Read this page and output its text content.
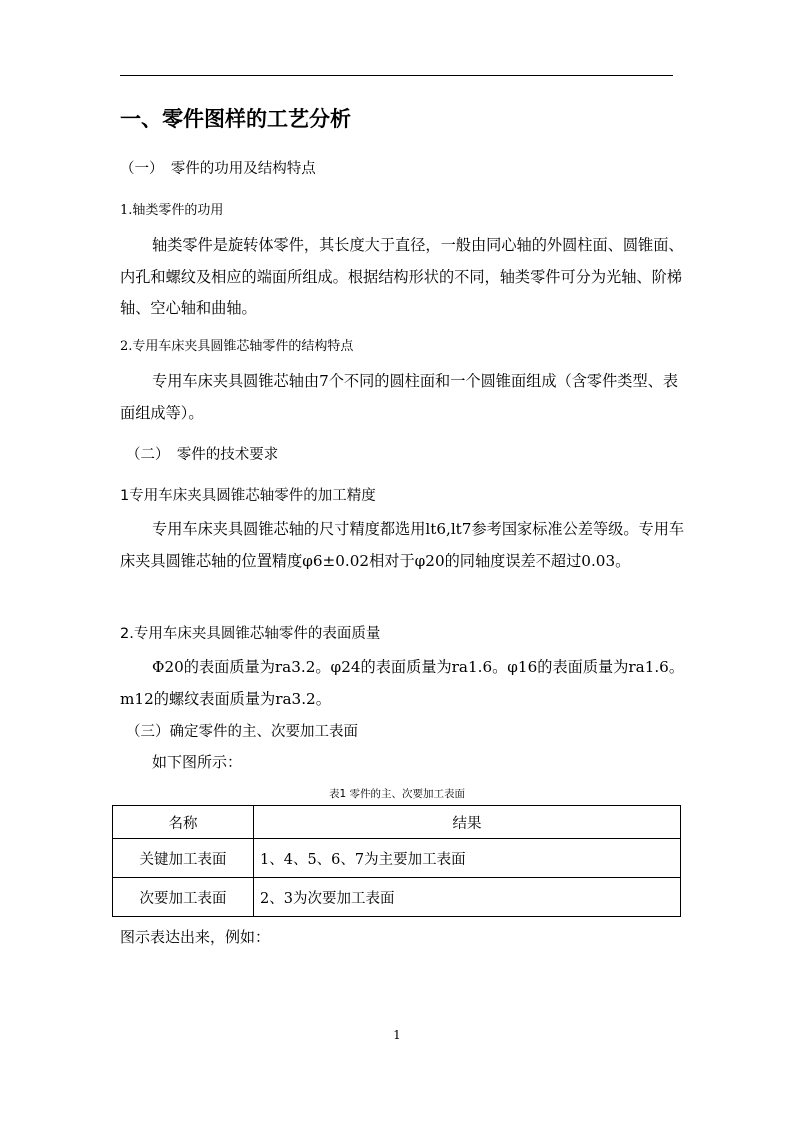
一、零件图样的工艺分析
（一）　零件的功用及结构特点
1.轴类零件的功用
轴类零件是旋转体零件，其长度大于直径，一般由同心轴的外圆柱面、圆锥面、内孔和螺纹及相应的端面所组成。根据结构形状的不同，轴类零件可分为光轴、阶梯轴、空心轴和曲轴。
2.专用车床夹具圆锥芯轴零件的结构特点
专用车床夹具圆锥芯轴由7个不同的圆柱面和一个圆锥面组成（含零件类型、表面组成等）。
（二）　零件的技术要求
1专用车床夹具圆锥芯轴零件的加工精度
专用车床夹具圆锥芯轴的尺寸精度都选用lt6,lt7参考国家标准公差等级。专用车床夹具圆锥芯轴的位置精度φ6±0.02相对于φ20的同轴度误差不超过0.03。
2.专用车床夹具圆锥芯轴零件的表面质量
Φ20的表面质量为ra3.2。φ24的表面质量为ra1.6。φ16的表面质量为ra1.6。m12的螺纹表面质量为ra3.2。
（三）确定零件的主、次要加工表面
如下图所示：
表1 零件的主、次要加工表面
名称	结果
关键加工表面	1、4、5、6、7为主要加工表面
次要加工表面	2、3为次要加工表面
图示表达出来，例如：
1
